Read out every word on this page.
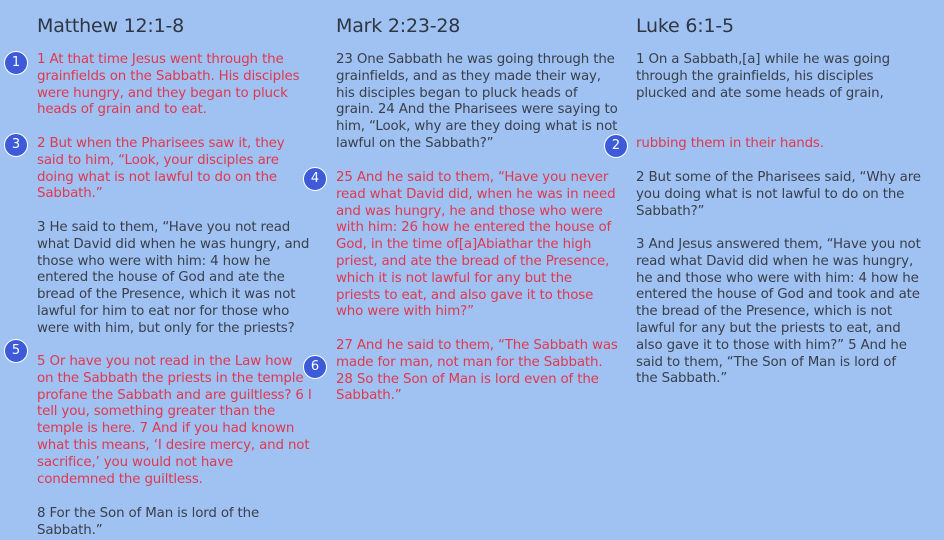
Matthew 12:1-8

1 At that time Jesus went through the grainfields on the Sabbath. His disciples were hungry, and they began to pluck heads of grain and to eat.

2 But when the Pharisees saw it, they said to him, “Look, your disciples are doing what is not lawful to do on the Sabbath.”

3 He said to them, “Have you not read what David did when he was hungry, and those who were with him: 4 how he entered the house of God and ate the bread of the Presence, which it was not lawful for him to eat nor for those who were with him, but only for the priests?

5 Or have you not read in the Law how on the Sabbath the priests in the temple profane the Sabbath and are guiltless? 6 I tell you, something greater than the temple is here. 7 And if you had known what this means, ‘I desire mercy, and not sacrifice,’ you would not have condemned the guiltless.

8 For the Son of Man is lord of the Sabbath.”

Mark 2:23-28

23 One Sabbath he was going through the grainfields, and as they made their way, his disciples began to pluck heads of grain. 24 And the Pharisees were saying to him, “Look, why are they doing what is not lawful on the Sabbath?”

25 And he said to them, “Have you never read what David did, when he was in need and was hungry, he and those who were with him: 26 how he entered the house of God, in the time of[a]Abiathar the high priest, and ate the bread of the Presence, which it is not lawful for any but the priests to eat, and also gave it to those who were with him?”

27 And he said to them, “The Sabbath was made for man, not man for the Sabbath. 28 So the Son of Man is lord even of the Sabbath.”

Luke 6:1-5

1 On a Sabbath,[a] while he was going through the grainfields, his disciples plucked and ate some heads of grain,

rubbing them in their hands.

2 But some of the Pharisees said, “Why are you doing what is not lawful to do on the Sabbath?”

3 And Jesus answered them, “Have you not read what David did when he was hungry, he and those who were with him: 4 how he entered the house of God and took and ate the bread of the Presence, which is not lawful for any but the priests to eat, and also gave it to those with him?” 5 And he said to them, “The Son of Man is lord of the Sabbath.”

1
3
5
4
6
2
